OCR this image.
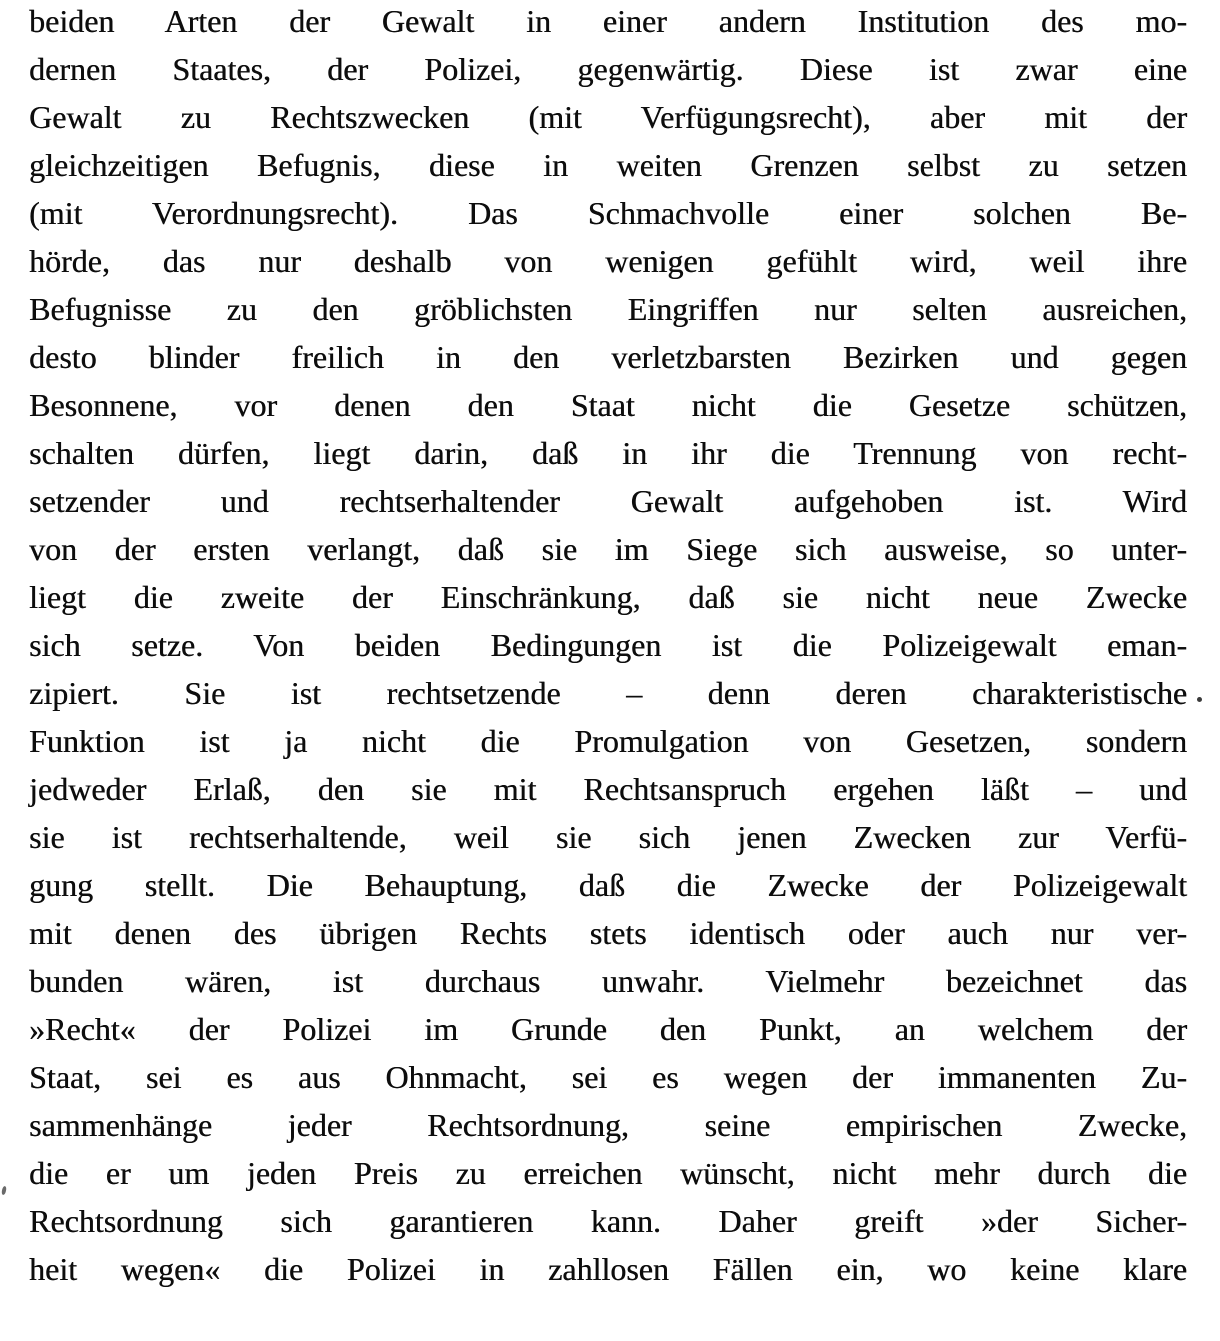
beiden Arten der Gewalt in einer andern Institution des mo-
dernen Staates, der Polizei, gegenwärtig. Diese ist zwar eine
Gewalt zu Rechtszwecken (mit Verfügungsrecht), aber mit der
gleichzeitigen Befugnis, diese in weiten Grenzen selbst zu setzen
(mit Verordnungsrecht). Das Schmachvolle einer solchen Be-
hörde, das nur deshalb von wenigen gefühlt wird, weil ihre
Befugnisse zu den gröblichsten Eingriffen nur selten ausreichen,
desto blinder freilich in den verletzbarsten Bezirken und gegen
Besonnene, vor denen den Staat nicht die Gesetze schützen,
schalten dürfen, liegt darin, daß in ihr die Trennung von recht-
setzender und rechtserhaltender Gewalt aufgehoben ist. Wird
von der ersten verlangt, daß sie im Siege sich ausweise, so unter-
liegt die zweite der Einschränkung, daß sie nicht neue Zwecke
sich setze. Von beiden Bedingungen ist die Polizeigewalt eman-
zipiert. Sie ist rechtsetzende – denn deren charakteristische
Funktion ist ja nicht die Promulgation von Gesetzen, sondern
jedweder Erlaß, den sie mit Rechtsanspruch ergehen läßt – und
sie ist rechtserhaltende, weil sie sich jenen Zwecken zur Verfü-
gung stellt. Die Behauptung, daß die Zwecke der Polizeigewalt
mit denen des übrigen Rechts stets identisch oder auch nur ver-
bunden wären, ist durchaus unwahr. Vielmehr bezeichnet das
»Recht« der Polizei im Grunde den Punkt, an welchem der
Staat, sei es aus Ohnmacht, sei es wegen der immanenten Zu-
sammenhänge jeder Rechtsordnung, seine empirischen Zwecke,
die er um jeden Preis zu erreichen wünscht, nicht mehr durch die
Rechtsordnung sich garantieren kann. Daher greift »der Sicher-
heit wegen« die Polizei in zahllosen Fällen ein, wo keine klare
